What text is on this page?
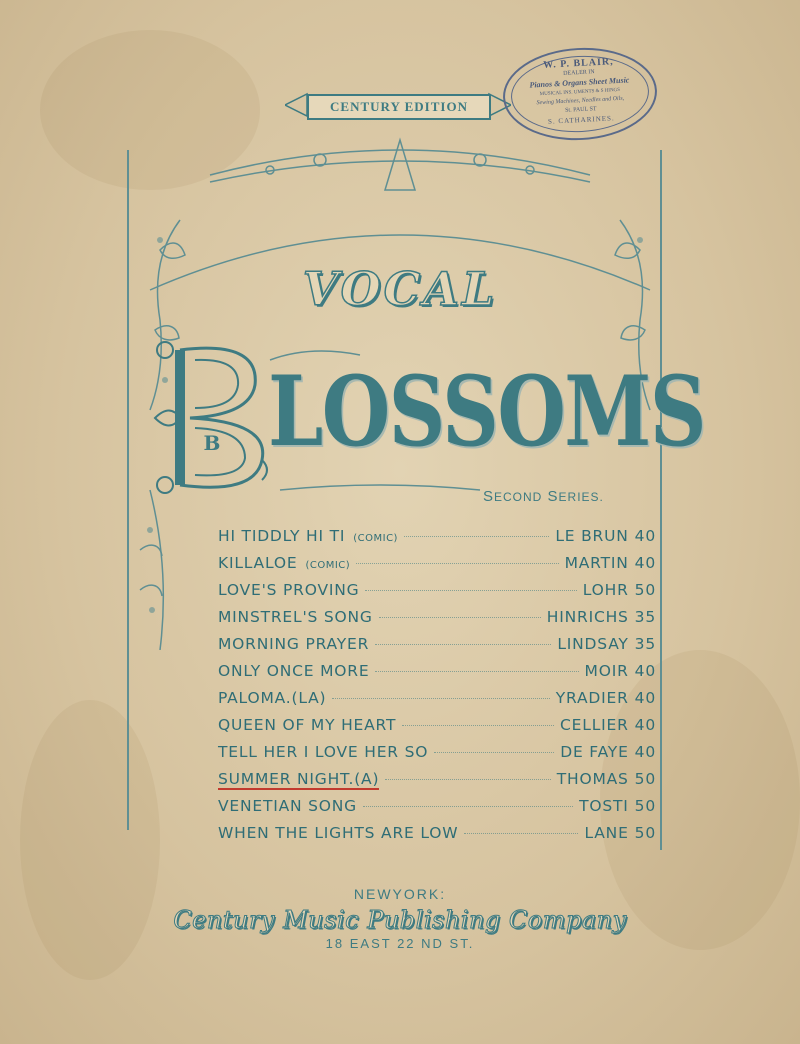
CENTURY EDITION
W. P. BLAIR,
DEALER IN
Pianos & Organs Sheet Music
MUSICAL INS. UMENTS & S HINGS
Sewing Machines, Needles and Oils,
St. PAUL ST
S. CATHARINES.
VOCAL
B LOSSOMS
SECOND SERIES.
HI TIDDLY HI TI (COMIC)	LE BRUN 40
KILLALOE (COMIC)	MARTIN 40
LOVE'S PROVING	LOHR 50
MINSTREL'S SONG	HINRICHS 35
MORNING PRAYER	LINDSAY 35
ONLY ONCE MORE	MOIR 40
PALOMA.(LA)	YRADIER 40
QUEEN OF MY HEART	CELLIER 40
TELL HER I LOVE HER SO	DE FAYE 40
SUMMER NIGHT.(A)	THOMAS 50
VENETIAN SONG	TOSTI 50
WHEN THE LIGHTS ARE LOW	LANE 50
NEWYORK:
Century Music Publishing Company
18 EAST 22 ND ST.
